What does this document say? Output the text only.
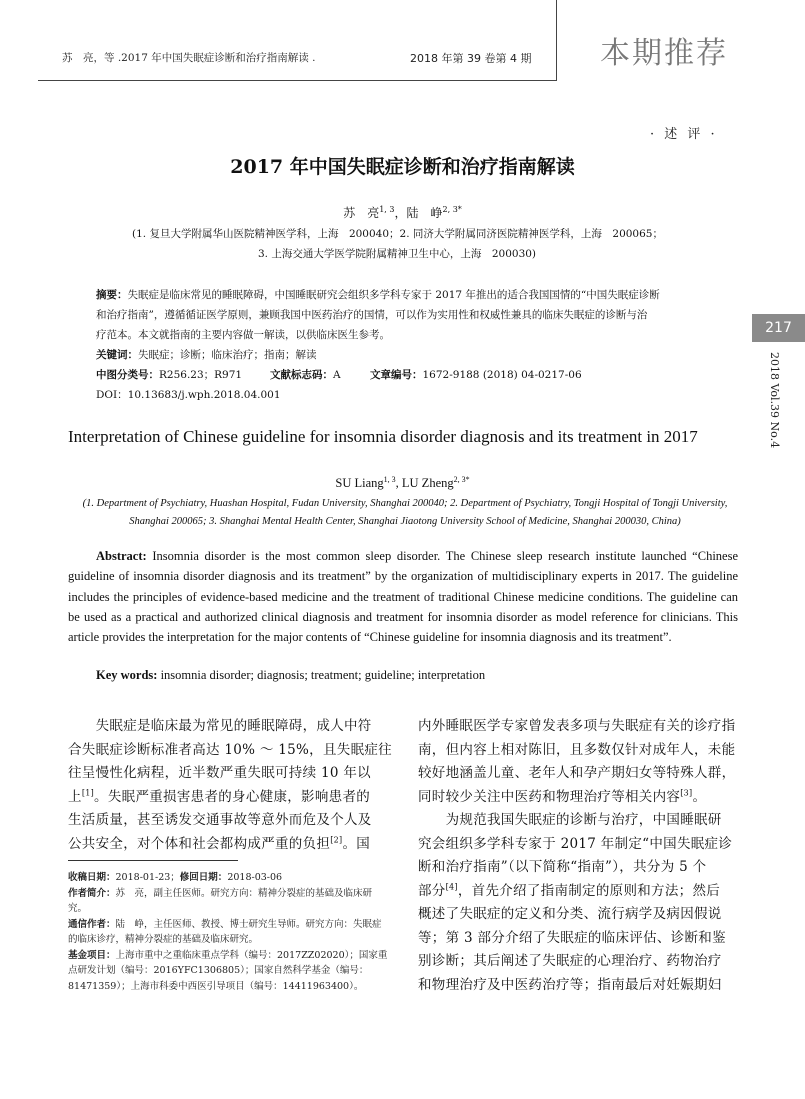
苏　亮，等 .2017 年中国失眠症诊断和治疗指南解读 .	2018 年第 39 卷第 4 期 本期推荐
217
2018 Vol.39 No.4
· 述 评 ·
2017 年中国失眠症诊断和治疗指南解读
苏　亮$^{1, 3}$，陆　峥$^{2, 3*}$
(1. 复旦大学附属华山医院精神医学科，上海　200040；2. 同济大学附属同济医院精神医学科，上海　200065；
3. 上海交通大学医学院附属精神卫生中心，上海　200030)
摘要：失眠症是临床常见的睡眠障碍，中国睡眠研究会组织多学科专家于 2017 年推出的适合我国国情的“中国失眠症诊断
和治疗指南”，遵循循证医学原则，兼顾我国中医药治疗的国情，可以作为实用性和权威性兼具的临床失眠症的诊断与治
疗范本。本文就指南的主要内容做一解读，以供临床医生参考。
关键词：失眠症；诊断；临床治疗；指南；解读
中图分类号：R256.23；R971	文献标志码：A	文章编号：1672-9188 (2018) 04-0217-06
DOI：10.13683/j.wph.2018.04.001
Interpretation of Chinese guideline for insomnia disorder diagnosis and its treatment in 2017
SU Liang$^{1, 3}$, LU Zheng$^{2, 3*}$
(1. Department of Psychiatry, Huashan Hospital, Fudan University, Shanghai 200040; 2. Department of Psychiatry, Tongji Hospital of Tongji University, Shanghai 200065; 3. Shanghai Mental Health Center, Shanghai Jiaotong University School of Medicine, Shanghai 200030, China)

Abstract: Insomnia disorder is the most common sleep disorder. The Chinese sleep research institute launched “Chinese guideline of insomnia disorder diagnosis and its treatment” by the organization of multidisciplinary experts in 2017. The guideline includes the principles of evidence-based medicine and the treatment of traditional Chinese medicine conditions. The guideline can be used as a practical and authorized clinical diagnosis and treatment for insomnia disorder as model reference for clinicians. This article provides the interpretation for the major contents of “Chinese guideline for insomnia diagnosis and its treatment”.

Key words: insomnia disorder; diagnosis; treatment; guideline; interpretation
　　失眠症是临床最为常见的睡眠障碍，成人中符
合失眠症诊断标准者高达 10% ～ 15%，且失眠症往
往呈慢性化病程，近半数严重失眠可持续 10 年以
上[1]。失眠严重损害患者的身心健康，影响患者的
生活质量，甚至诱发交通事故等意外而危及个人及
公共安全，对个体和社会都构成严重的负担[2]。国
收稿日期：2018-01-23；修回日期：2018-03-06
作者简介：苏　亮，副主任医师。研究方向：精神分裂症的基础及临床研究。
通信作者：陆　峥，主任医师、教授、博士研究生导师。研究方向：失眠症的临床诊疗，精神分裂症的基础及临床研究。
基金项目：上海市重中之重临床重点学科（编号：2017ZZ02020）；国家重点研发计划（编号：2016YFC1306805）；国家自然科学基金（编号：81471359）；上海市科委中西医引导项目（编号：14411963400）。
内外睡眠医学专家曾发表多项与失眠症有关的诊疗指
南，但内容上相对陈旧，且多数仅针对成年人，未能
较好地涵盖儿童、老年人和孕产期妇女等特殊人群，
同时较少关注中医药和物理治疗等相关内容[3]。
　　为规范我国失眠症的诊断与治疗，中国睡眠研
究会组织多学科专家于 2017 年制定“中国失眠症诊
断和治疗指南”（以下简称“指南”），共分为 5 个
部分[4]，首先介绍了指南制定的原则和方法；然后
概述了失眠症的定义和分类、流行病学及病因假说
等；第 3 部分介绍了失眠症的临床评估、诊断和鉴
别诊断；其后阐述了失眠症的心理治疗、药物治疗
和物理治疗及中医药治疗等；指南最后对妊娠期妇
